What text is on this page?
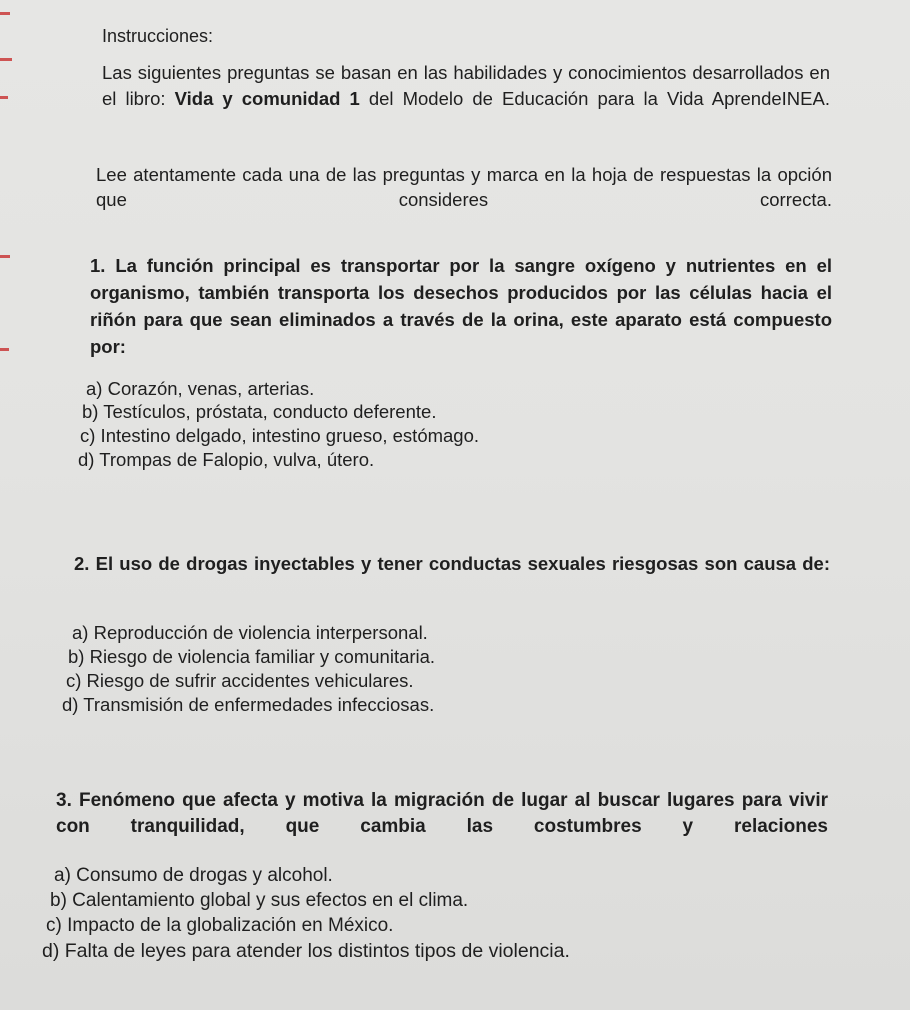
Instrucciones:
Las siguientes preguntas se basan en las habilidades y conocimientos desarrollados en el libro: Vida y comunidad 1 del Modelo de Educación para la Vida AprendeINEA.
Lee atentamente cada una de las preguntas y marca en la hoja de respuestas la opción que consideres correcta.
1. La función principal es transportar por la sangre oxígeno y nutrientes en el organismo, también transporta los desechos producidos por las células hacia el riñón para que sean eliminados a través de la orina, este aparato está compuesto por:
a) Corazón, venas, arterias.
b) Testículos, próstata, conducto deferente.
c) Intestino delgado, intestino grueso, estómago.
d) Trompas de Falopio, vulva, útero.
2. El uso de drogas inyectables y tener conductas sexuales riesgosas son causa de:
a) Reproducción de violencia interpersonal.
b) Riesgo de violencia familiar y comunitaria.
c) Riesgo de sufrir accidentes vehiculares.
d) Transmisión de enfermedades infecciosas.
3. Fenómeno que afecta y motiva la migración de lugar al buscar lugares para vivir con tranquilidad, que cambia las costumbres y relaciones
a) Consumo de drogas y alcohol.
b) Calentamiento global y sus efectos en el clima.
c) Impacto de la globalización en México.
d) Falta de leyes para atender los distintos tipos de violencia.
